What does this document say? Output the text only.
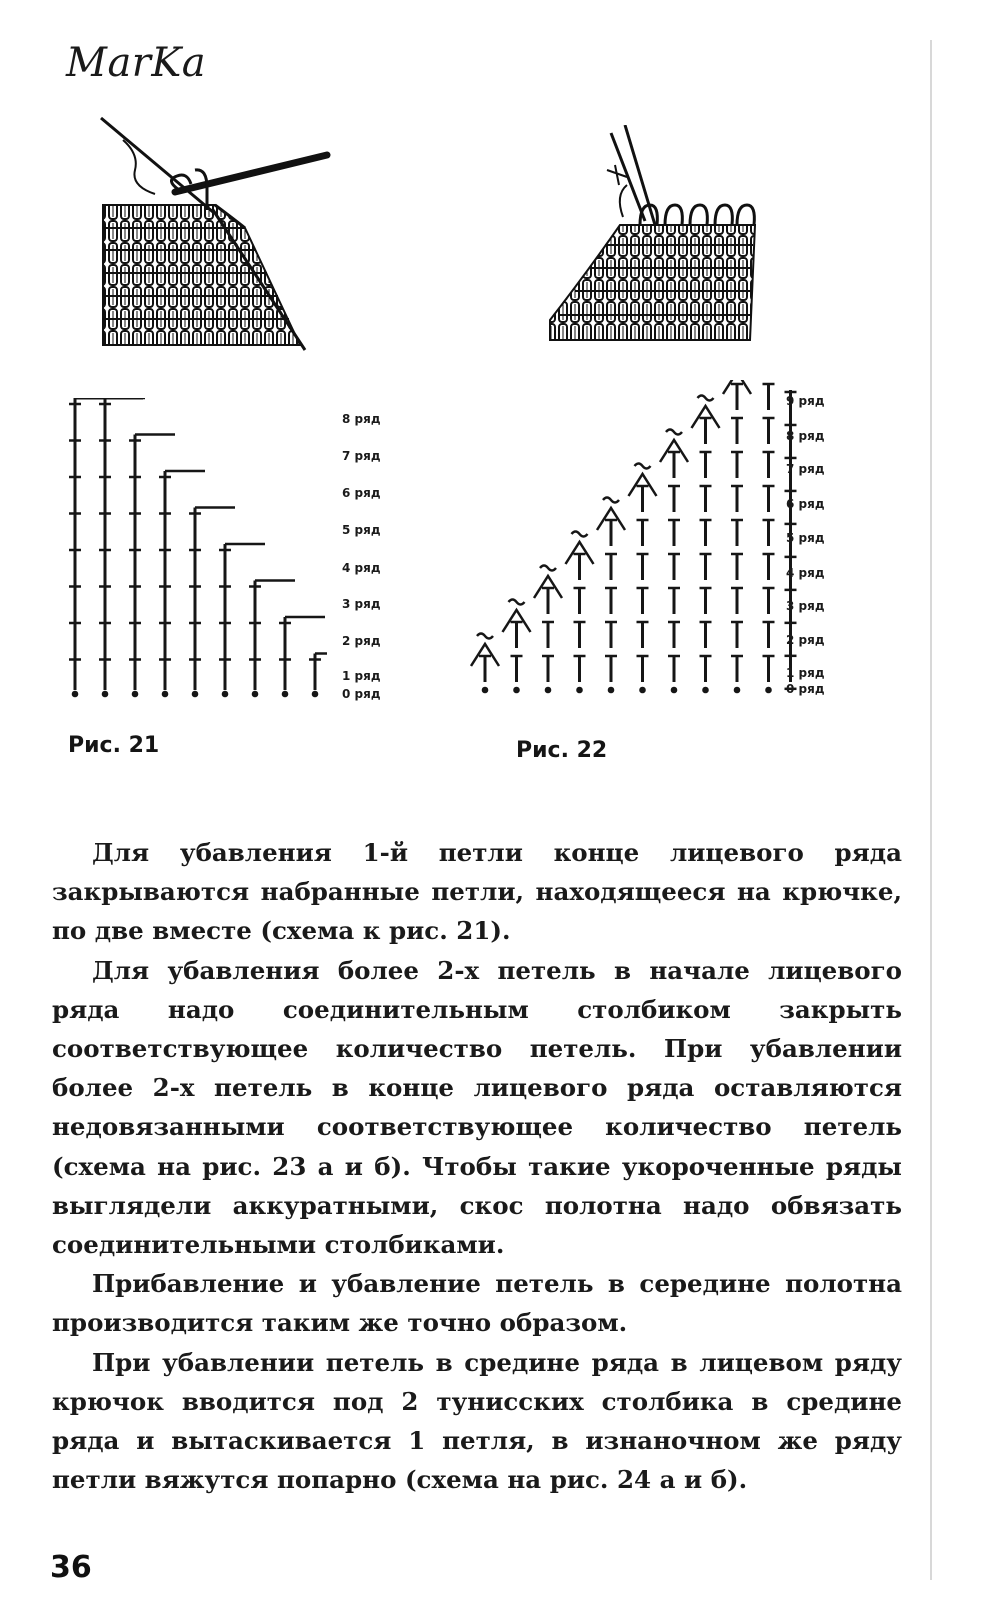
MarKa
8 ряд
7 ряд
6 ряд
5 ряд
4 ряд
3 ряд
2 ряд
1 ряд
0 ряд
9 ряд
8 ряд
7 ряд
6 ряд
5 ряд
4 ряд
3 ряд
2 ряд
1 ряд
0 ряд
Рис. 21	Рис. 22

Для убавления 1-й петли конце лицевого ряда закрываются набранные петли, находящееся на крючке, по две вместе (схема к рис. 21).

Для убавления более 2-х петель в начале лицевого ряда надо соединительным столбиком закрыть соответствующее количество петель. При убавлении более 2-х петель в конце лицевого ряда оставляются недовязанными соответствующее количество петель (схема на рис. 23 а и б). Чтобы такие укороченные ряды выглядели аккуратными, скос полотна надо обвязать соединительными столбиками.

Прибавление и убавление петель в середине полотна производится таким же точно образом.

При убавлении петель в средине ряда в лицевом ряду крючок вводится под 2 тунисских столбика в средине ряда и вытаскивается 1 петля, в изнаночном же ряду петли вяжутся попарно (схема на рис. 24 а и б).

36
